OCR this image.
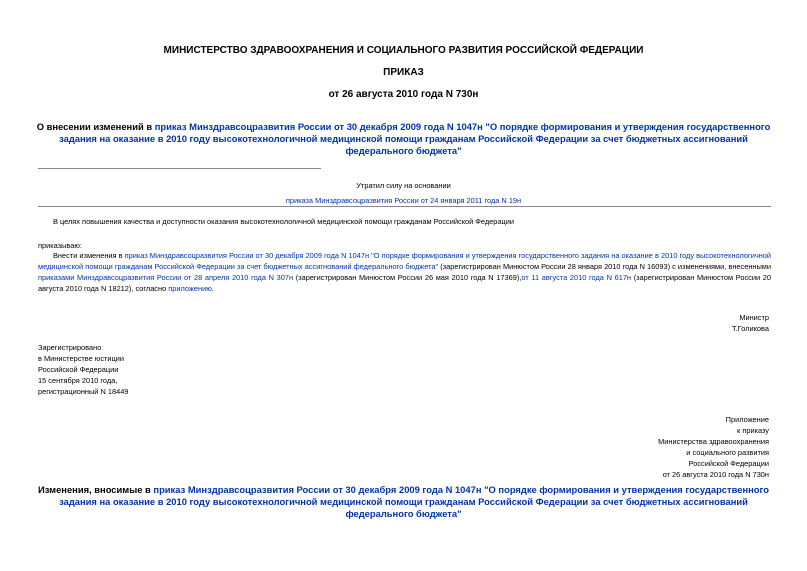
МИНИСТЕРСТВО ЗДРАВООХРАНЕНИЯ И СОЦИАЛЬНОГО РАЗВИТИЯ РОССИЙСКОЙ ФЕДЕРАЦИИ
ПРИКАЗ
от 26 августа 2010 года N 730н
О внесении изменений в приказ Минздравсоцразвития России от 30 декабря 2009 года N 1047н "О порядке формирования и утверждения государственного задания на оказание в 2010 году высокотехнологичной медицинской помощи гражданам Российской Федерации за счет бюджетных ассигнований федерального бюджета"

Утратил силу на основании

приказа Минздравсоцразвития России от 24 января 2011 года N 19н

В целях повышения качества и доступности оказания высокотехнологичной медицинской помощи гражданам Российской Федерации
приказываю:
Внести изменения в приказ Минздравсоцразвития России от 30 декабря 2009 года N 1047н "О порядке формирования и утверждения государственного задания на оказание в 2010 году высокотехнологичной медицинской помощи гражданам Российской Федерации за счет бюджетных ассигнований федерального бюджета" (зарегистрирован Минюстом России 28 января 2010 года N 16093) с изменениями, внесенными приказами Минздравсоцразвития России от 28 апреля 2010 года N 307н (зарегистрирован Минюстом России 26 мая 2010 года N 17369),от 11 августа 2010 года N 617н (зарегистрирован Минюстом России 20 августа 2010 года N 18212), согласно приложению.

Министр

Т.Голикова

Зарегистрировано

в Министерстве юстиции

Российской Федерации

15 сентября 2010 года,

регистрационный N 18449

Приложение

к приказу

Министерства здравоохранения

и социального развития

Российской Федерации

от 26 августа 2010 года N 730н

Изменения, вносимые в приказ Минздравсоцразвития России от 30 декабря 2009 года N 1047н "О порядке формирования и утверждения государственного задания на оказание в 2010 году высокотехнологичной медицинской помощи гражданам Российской Федерации за счет бюджетных ассигнований федерального бюджета"
